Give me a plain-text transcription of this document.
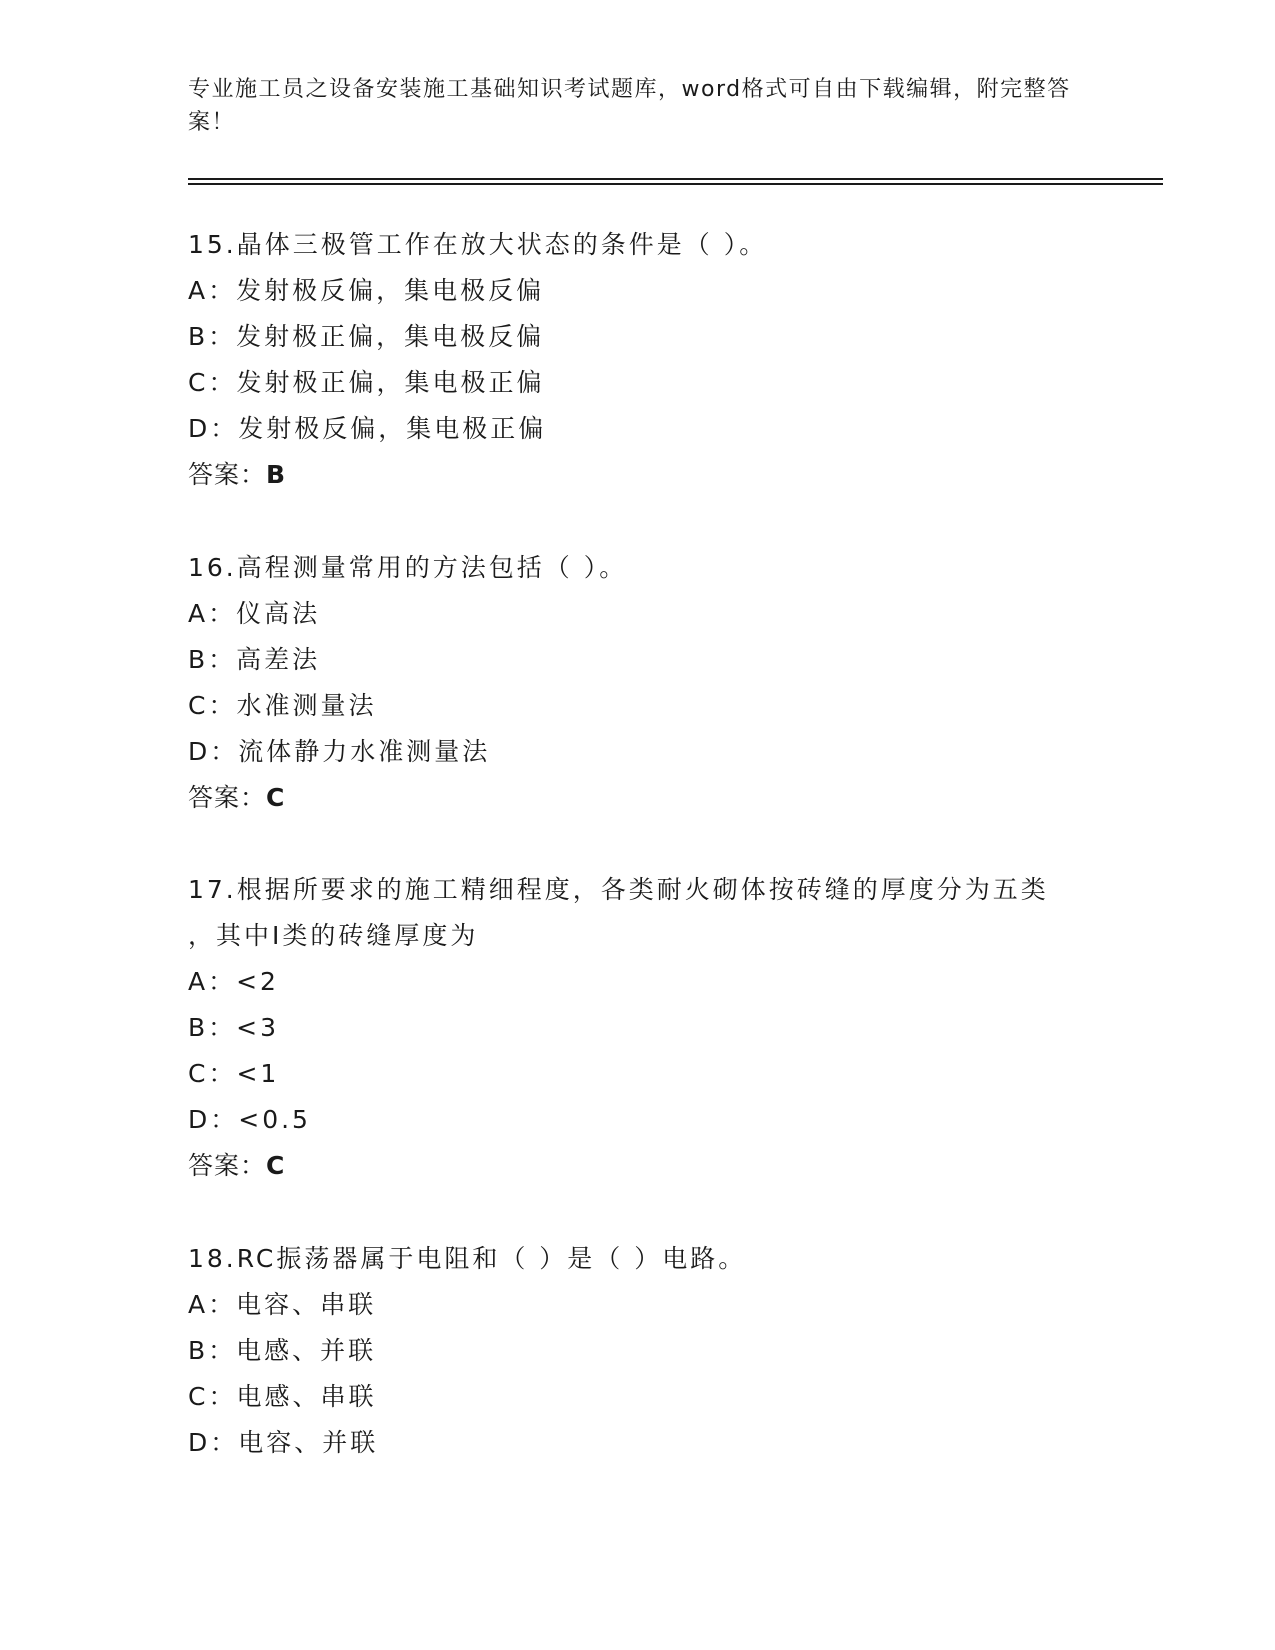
专业施工员之设备安装施工基础知识考试题库，word格式可自由下载编辑，附完整答案！
15.晶体三极管工作在放大状态的条件是（ ）。
A：发射极反偏，集电极反偏
B：发射极正偏，集电极反偏
C：发射极正偏，集电极正偏
D：发射极反偏，集电极正偏
答案：B
16.高程测量常用的方法包括（ ）。
A：仪高法
B：高差法
C：水准测量法
D：流体静力水准测量法
答案：C
17.根据所要求的施工精细程度，各类耐火砌体按砖缝的厚度分为五类
，其中Ⅰ类的砖缝厚度为
A：<2
B：<3
C：<1
D：<0.5
答案：C
18.RC振荡器属于电阻和（ ）是（ ）电路。
A：电容、串联
B：电感、并联
C：电感、串联
D：电容、并联
